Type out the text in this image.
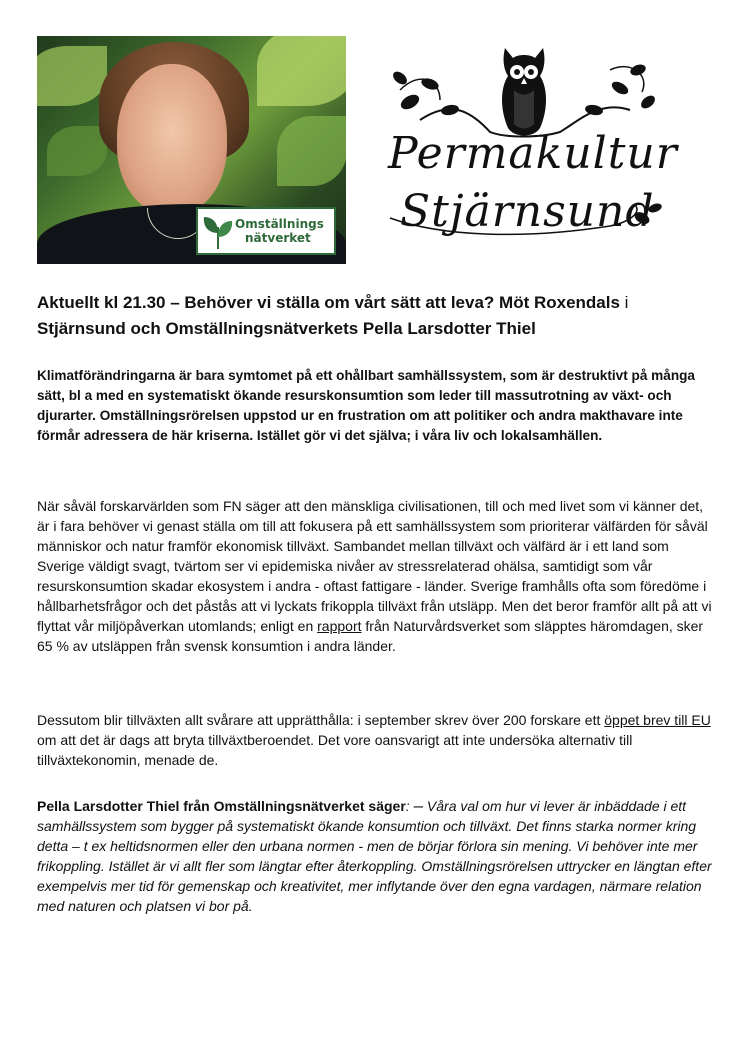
Omställnings
nätverket
Permakultur
Stjärnsund
Aktuellt kl 21.30 – Behöver vi ställa om vårt sätt att leva? Möt Roxendals i Stjärnsund och Omställningsnätverkets Pella Larsdotter Thiel

Klimatförändringarna är bara symtomet på ett ohållbart samhällssystem, som är destruktivt på många sätt, bl a med en systematiskt ökande resurskonsumtion som leder till massutrotning av växt- och djurarter. Omställningsrörelsen uppstod ur en frustration om att politiker och andra makthavare inte förmår adressera de här kriserna. Istället gör vi det själva; i våra liv och lokalsamhällen.

När såväl forskarvärlden som FN säger att den mänskliga civilisationen, till och med livet som vi känner det, är i fara behöver vi genast ställa om till att fokusera på ett samhällssystem som prioriterar välfärden för såväl människor och natur framför ekonomisk tillväxt. Sambandet mellan tillväxt och välfärd är i ett land som Sverige väldigt svagt, tvärtom ser vi epidemiska nivåer av stressrelaterad ohälsa, samtidigt som vår resurskonsumtion skadar ekosystem i andra - oftast fattigare - länder. Sverige framhålls ofta som föredöme i hållbarhetsfrågor och det påstås att vi lyckats frikoppla tillväxt från utsläpp. Men det beror framför allt på att vi flyttat vår miljöpåverkan utomlands; enligt en rapport från Naturvårdsverket som släpptes häromdagen, sker 65 % av utsläppen från svensk konsumtion i andra länder.

Dessutom blir tillväxten allt svårare att upprätthålla: i september skrev över 200 forskare ett öppet brev till EU om att det är dags att bryta tillväxtberoendet. Det vore oansvarigt att inte undersöka alternativ till tillväxtekonomin, menade de.

Pella Larsdotter Thiel från Omställningsnätverket säger: – Våra val om hur vi lever är inbäddade i ett samhällssystem som bygger på systematiskt ökande konsumtion och tillväxt. Det finns starka normer kring detta – t ex heltidsnormen eller den urbana normen - men de börjar förlora sin mening. Vi behöver inte mer frikoppling. Istället är vi allt fler som längtar efter återkoppling. Omställningsrörelsen uttrycker en längtan efter exempelvis mer tid för gemenskap och kreativitet, mer inflytande över den egna vardagen, närmare relation med naturen och platsen vi bor på.
